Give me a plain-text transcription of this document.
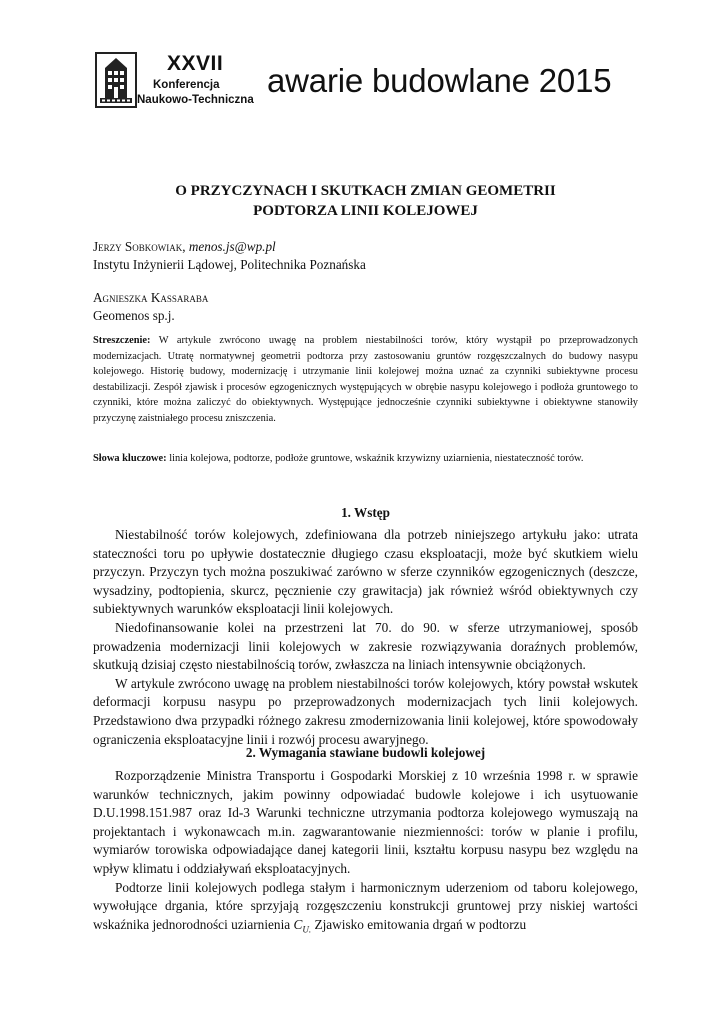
XXVII
Konferencja
Naukowo-Techniczna
awarie budowlane 2015
O PRZYCZYNACH I SKUTKACH ZMIAN GEOMETRII
PODTORZA LINII KOLEJOWEJ
Jerzy Sobkowiak, menos.js@wp.pl
Instytu Inżynierii Lądowej, Politechnika Poznańska
Agnieszka Kassaraba
Geomenos sp.j.
Streszczenie: W artykule zwrócono uwagę na problem niestabilności torów, który wystąpił po przeprowadzonych modernizacjach. Utratę normatywnej geometrii podtorza przy zastosowaniu gruntów rozgęszczalnych do budowy nasypu kolejowego. Historię budowy, modernizację i utrzymanie linii kolejowej można uznać za czynniki subiektywne procesu destabilizacji. Zespół zjawisk i procesów egzogenicznych występujących w obrębie nasypu kolejowego i podłoża gruntowego to czynniki, które można zaliczyć do obiektywnych. Występujące jednocześnie czynniki subiektywne i obiektywne stanowiły przyczynę zaistniałego procesu zniszczenia.
Słowa kluczowe: linia kolejowa, podtorze, podłoże gruntowe, wskaźnik krzywizny uziarnienia, niestateczność torów.
1. Wstęp

Niestabilność torów kolejowych, zdefiniowana dla potrzeb niniejszego artykułu jako: utrata stateczności toru po upływie dostatecznie długiego czasu eksploatacji, może być skutkiem wielu przyczyn. Przyczyn tych można poszukiwać zarówno w sferze czynników egzogenicznych (deszcze, wysadziny, podtopienia, skurcz, pęcznienie czy grawitacja) jak również wśród obiektywnych czy subiektywnych warunków eksploatacji linii kolejowych.

Niedofinansowanie kolei na przestrzeni lat 70. do 90. w sferze utrzymaniowej, sposób prowadzenia modernizacji linii kolejowych w zakresie rozwiązywania doraźnych problemów, skutkują dzisiaj często niestabilnością torów, zwłaszcza na liniach intensywnie obciążonych.

W artykule zwrócono uwagę na problem niestabilności torów kolejowych, który powstał wskutek deformacji korpusu nasypu po przeprowadzonych modernizacjach tych linii kolejowych. Przedstawiono dwa przypadki różnego zakresu zmodernizowania linii kolejowej, które spowodowały ograniczenia eksploatacyjne linii i rozwój procesu awaryjnego.

2. Wymagania stawiane budowli kolejowej

Rozporządzenie Ministra Transportu i Gospodarki Morskiej z 10 września 1998 r. w sprawie warunków technicznych, jakim powinny odpowiadać budowle kolejowe i ich usytuowanie D.U.1998.151.987 oraz Id-3 Warunki techniczne utrzymania podtorza kolejowego wymuszają na projektantach i wykonawcach m.in. zagwarantowanie niezmienności: torów w planie i profilu, wymiarów torowiska odpowiadające danej kategorii linii, kształtu korpusu nasypu bez względu na wpływ klimatu i oddziaływań eksploatacyjnych.

Podtorze linii kolejowych podlega stałym i harmonicznym uderzeniom od taboru kolejowego, wywołujące drgania, które sprzyjają rozgęszczeniu konstrukcji gruntowej przy niskiej wartości wskaźnika jednorodności uziarnienia $C_{U.}$ Zjawisko emitowania drgań w podtorzu
